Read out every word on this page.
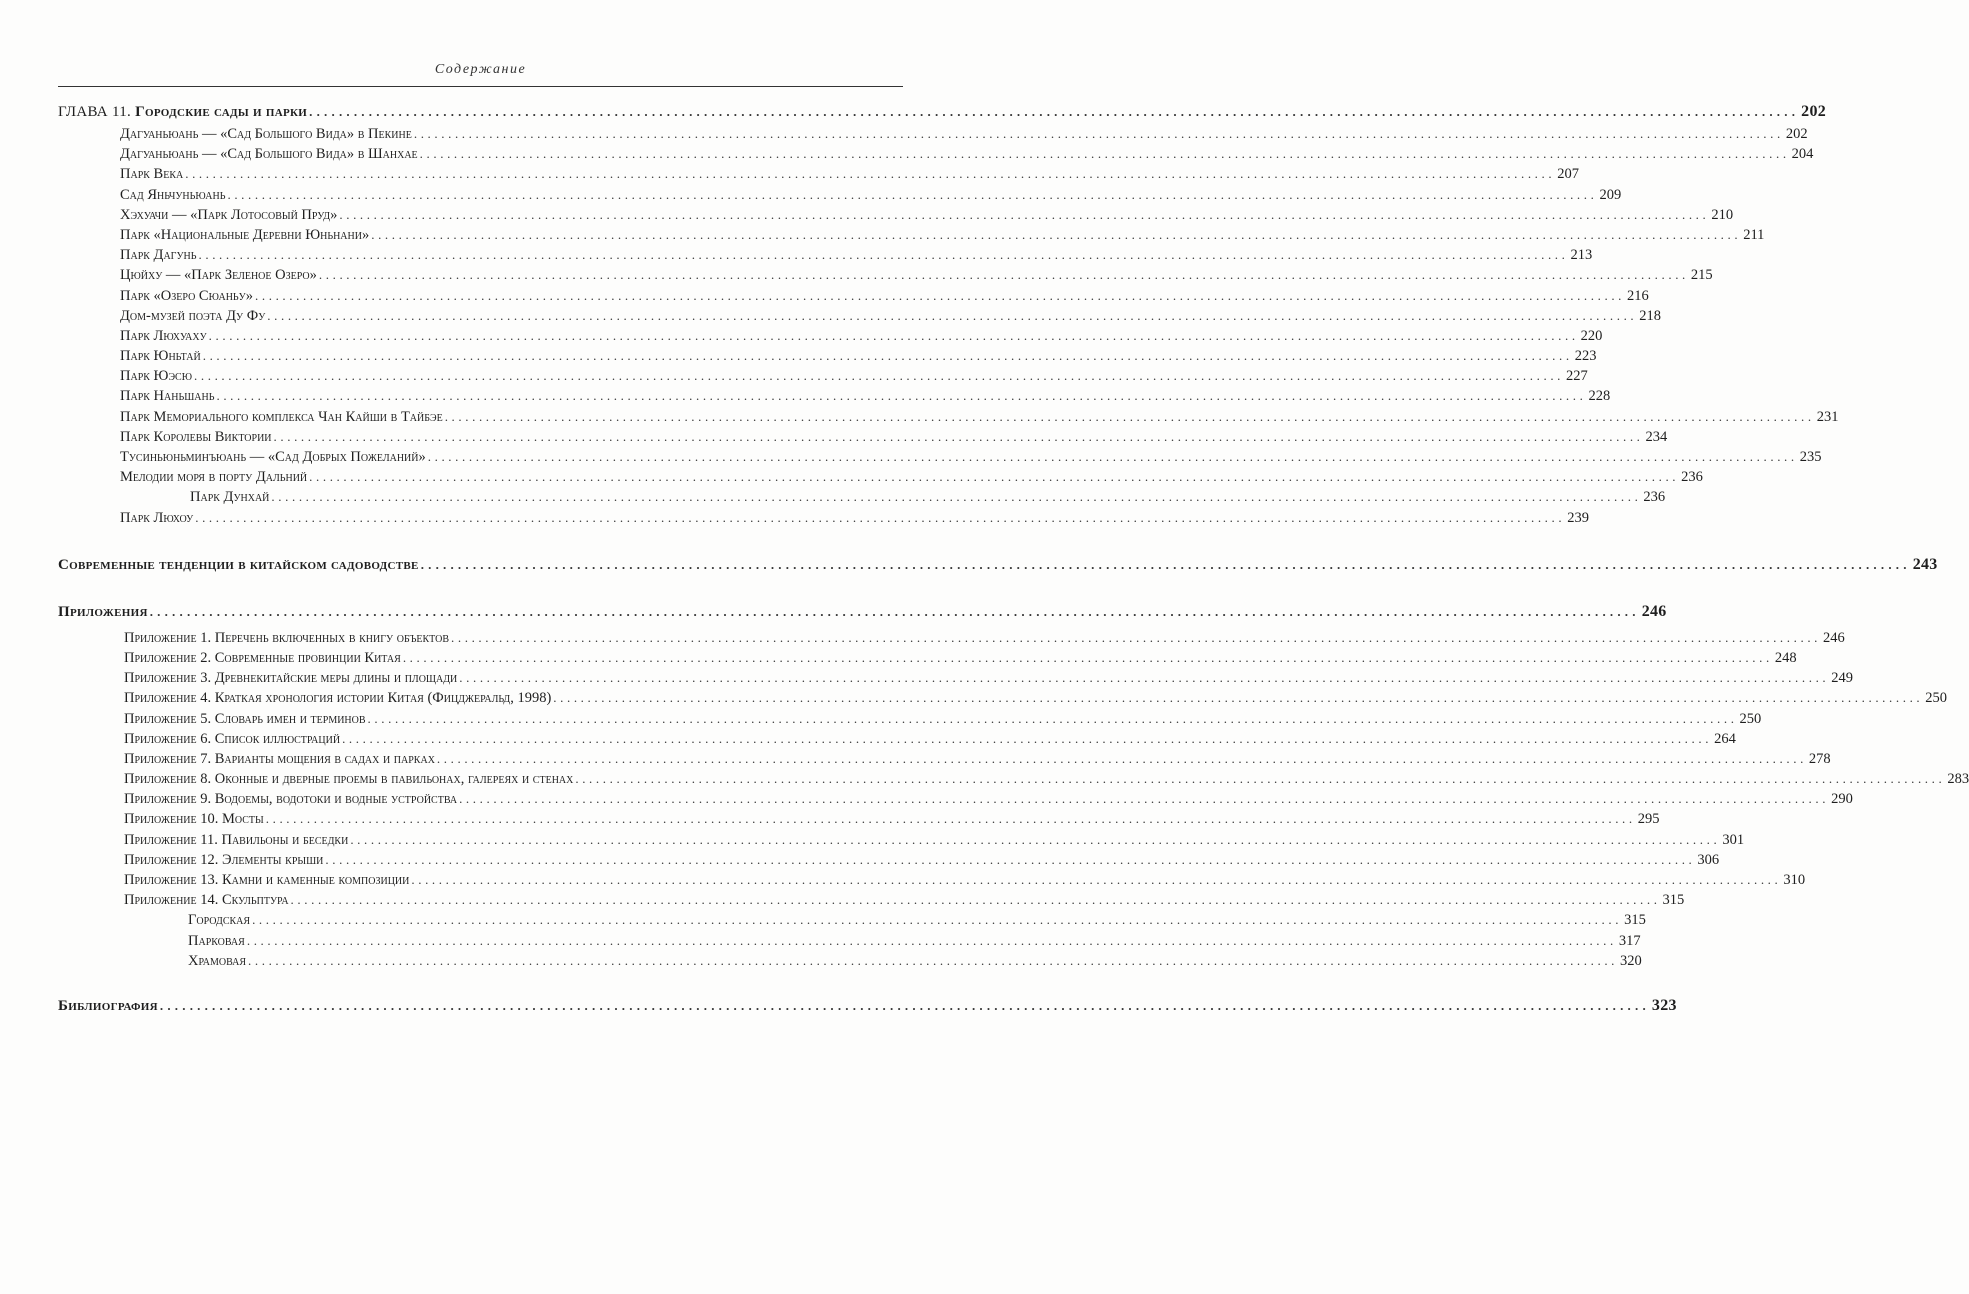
Содержание
ГЛАВА 11. Городские сады и парки ........................................................................................................................................................................................................ 202
Дагуаньюань — «Сад Большого Вида» в Пекине ........................................................................................................................................................................................................ 202
Дагуаньюань — «Сад Большого Вида» в Шанхае ........................................................................................................................................................................................................ 204
Парк Века ........................................................................................................................................................................................................ 207
Сад Яньчуньюань ........................................................................................................................................................................................................ 209
Хэхуачи — «Парк Лотосовый Пруд» ........................................................................................................................................................................................................ 210
Парк «Национальные Деревни Юньнани» ........................................................................................................................................................................................................ 211
Парк Дагунь ........................................................................................................................................................................................................ 213
Цюйху — «Парк Зеленое Озеро» ........................................................................................................................................................................................................ 215
Парк «Озеро Сюаньу» ........................................................................................................................................................................................................ 216
Дом-музей поэта Ду Фу ........................................................................................................................................................................................................ 218
Парк Люхуаху ........................................................................................................................................................................................................ 220
Парк Юньтай ........................................................................................................................................................................................................ 223
Парк Юэсю ........................................................................................................................................................................................................ 227
Парк Наньшань ........................................................................................................................................................................................................ 228
Парк Мемориального комплекса Чан Кайши в Тайбэе ........................................................................................................................................................................................................ 231
Парк Королевы Виктории ........................................................................................................................................................................................................ 234
Тусиньюньминъюань — «Сад Добрых Пожеланий» ........................................................................................................................................................................................................ 235
Мелодии моря в порту Дальний ........................................................................................................................................................................................................ 236
Парк Дунхай ........................................................................................................................................................................................................ 236
Парк Люхоу ........................................................................................................................................................................................................ 239
Современные тенденции в китайском садоводстве ........................................................................................................................................................................................................ 243
Приложения ........................................................................................................................................................................................................ 246
Приложение 1. Перечень включенных в книгу объектов ........................................................................................................................................................................................................ 246
Приложение 2. Современные провинции Китая ........................................................................................................................................................................................................ 248
Приложение 3. Древнекитайские меры длины и площади ........................................................................................................................................................................................................ 249
Приложение 4. Краткая хронология истории Китая (Фицджеральд, 1998) ........................................................................................................................................................................................................ 250
Приложение 5. Словарь имен и терминов ........................................................................................................................................................................................................ 250
Приложение 6. Список иллюстраций ........................................................................................................................................................................................................ 264
Приложение 7. Варианты мощения в садах и парках ........................................................................................................................................................................................................ 278
Приложение 8. Оконные и дверные проемы в павильонах, галереях и стенах ........................................................................................................................................................................................................ 283
Приложение 9. Водоемы, водотоки и водные устройства ........................................................................................................................................................................................................ 290
Приложение 10. Мосты ........................................................................................................................................................................................................ 295
Приложение 11. Павильоны и беседки ........................................................................................................................................................................................................ 301
Приложение 12. Элементы крыши ........................................................................................................................................................................................................ 306
Приложение 13. Камни и каменные композиции ........................................................................................................................................................................................................ 310
Приложение 14. Скульптура ........................................................................................................................................................................................................ 315
Городская ........................................................................................................................................................................................................ 315
Парковая ........................................................................................................................................................................................................ 317
Храмовая ........................................................................................................................................................................................................ 320
Библиография ........................................................................................................................................................................................................ 323
